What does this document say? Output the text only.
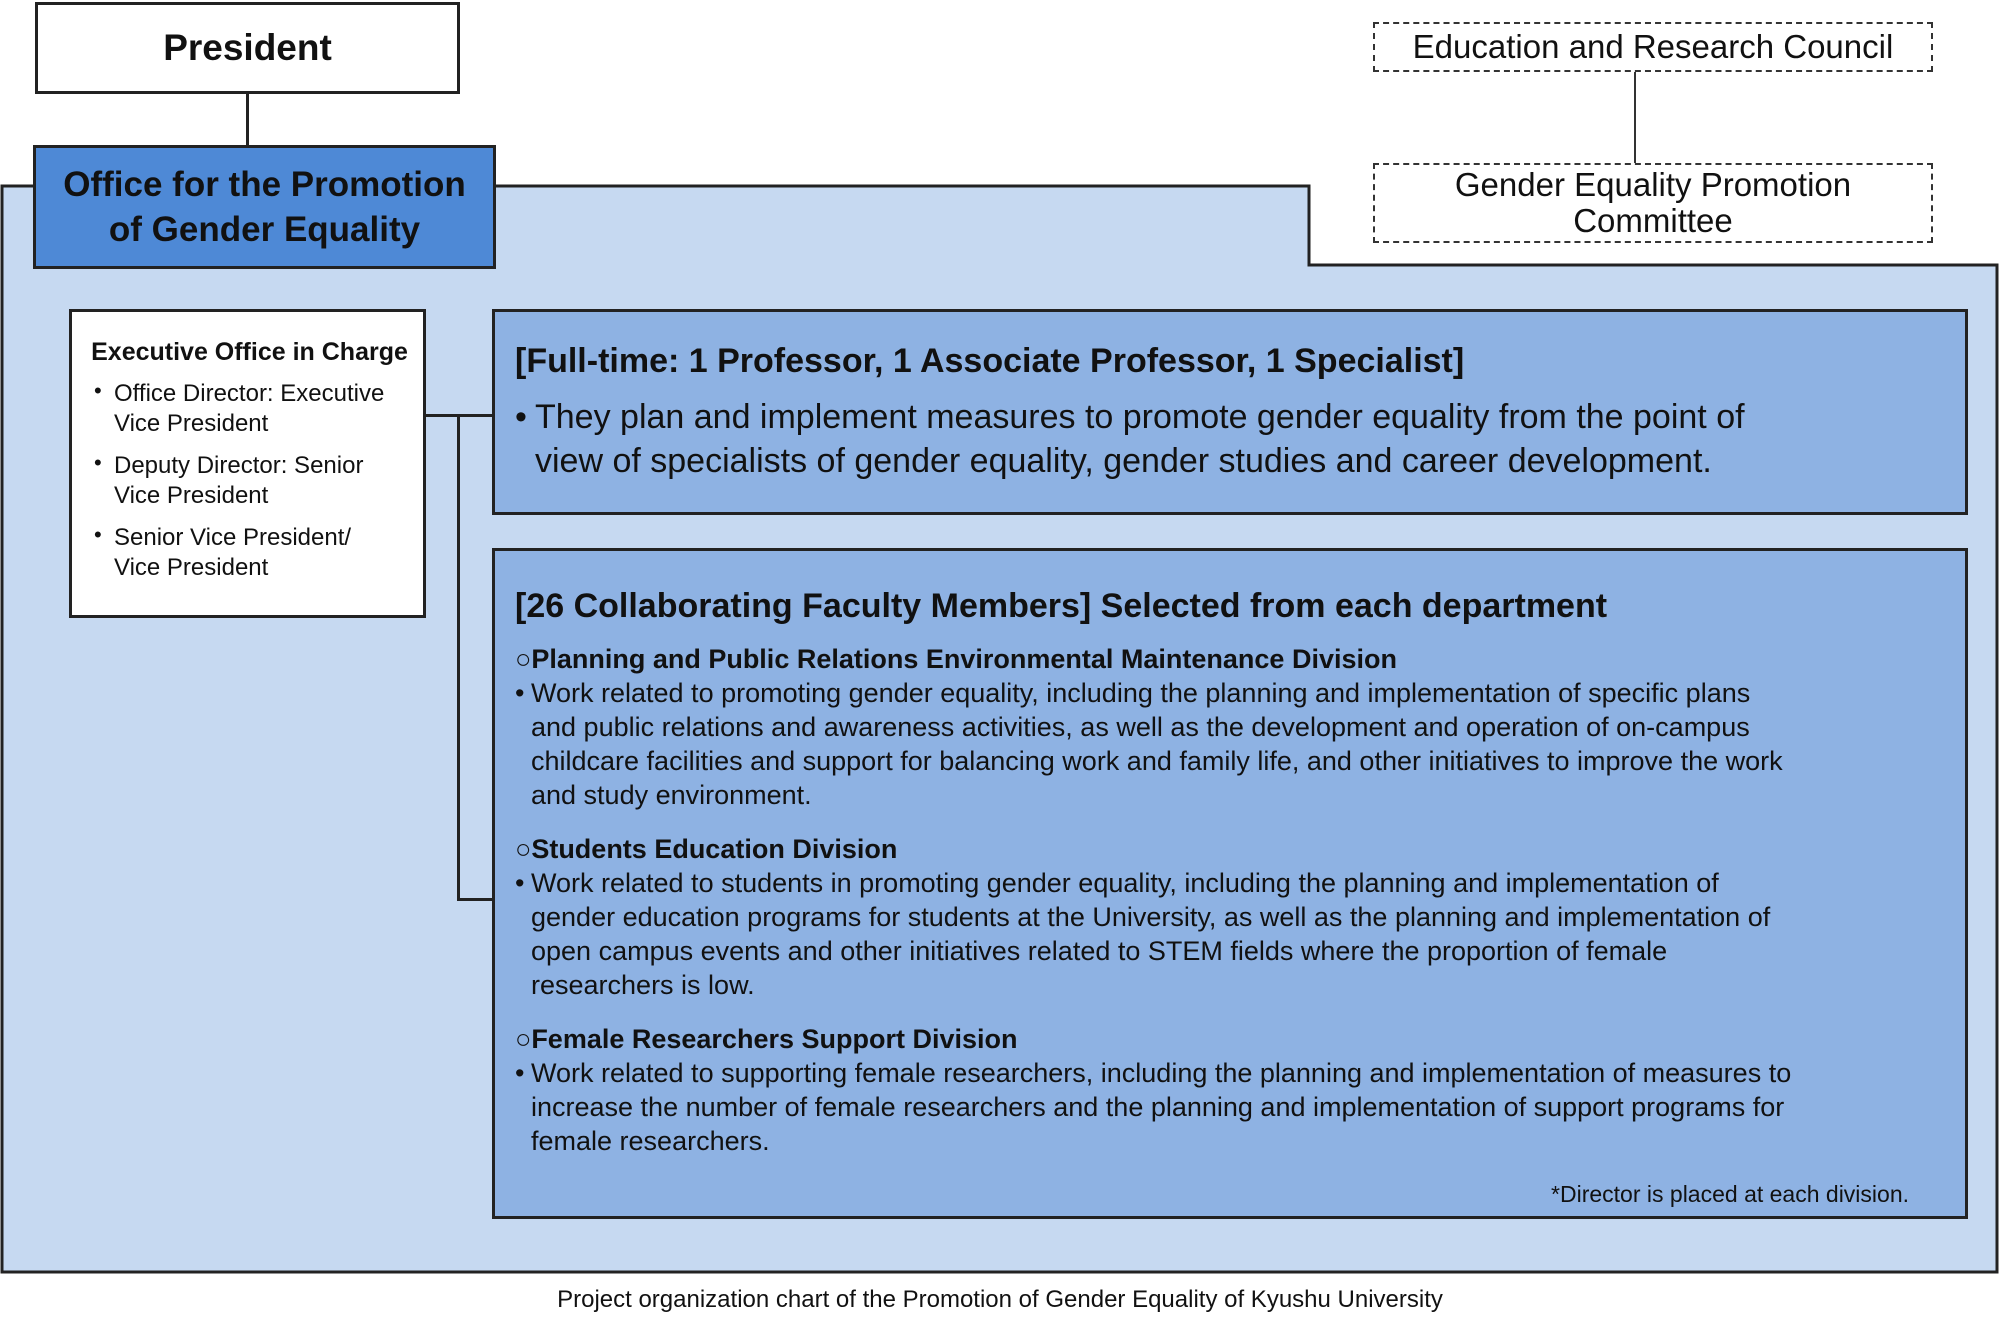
President
Office for the Promotion
of Gender Equality
Education and Research Council
Gender Equality Promotion
Committee
Executive Office in Charge
• Office Director: Executive
Vice President
• Deputy Director: Senior
Vice President
• Senior Vice President/
Vice President
[Full-time: 1 Professor, 1 Associate Professor, 1 Specialist]
• They plan and implement measures to promote gender equality from the point of
view of specialists of gender equality, gender studies and career development.
[26 Collaborating Faculty Members] Selected from each department
○Planning and Public Relations Environmental Maintenance Division
• Work related to promoting gender equality, including the planning and implementation of specific plans
and public relations and awareness activities, as well as the development and operation of on-campus
childcare facilities and support for balancing work and family life, and other initiatives to improve the work
and study environment.
○Students Education Division
• Work related to students in promoting gender equality, including the planning and implementation of
gender education programs for students at the University, as well as the planning and implementation of
open campus events and other initiatives related to STEM fields where the proportion of female
researchers is low.
○Female Researchers Support Division
• Work related to supporting female researchers, including the planning and implementation of measures to
increase the number of female researchers and the planning and implementation of support programs for
female researchers.
*Director is placed at each division.
Project organization chart of the Promotion of Gender Equality of Kyushu University
